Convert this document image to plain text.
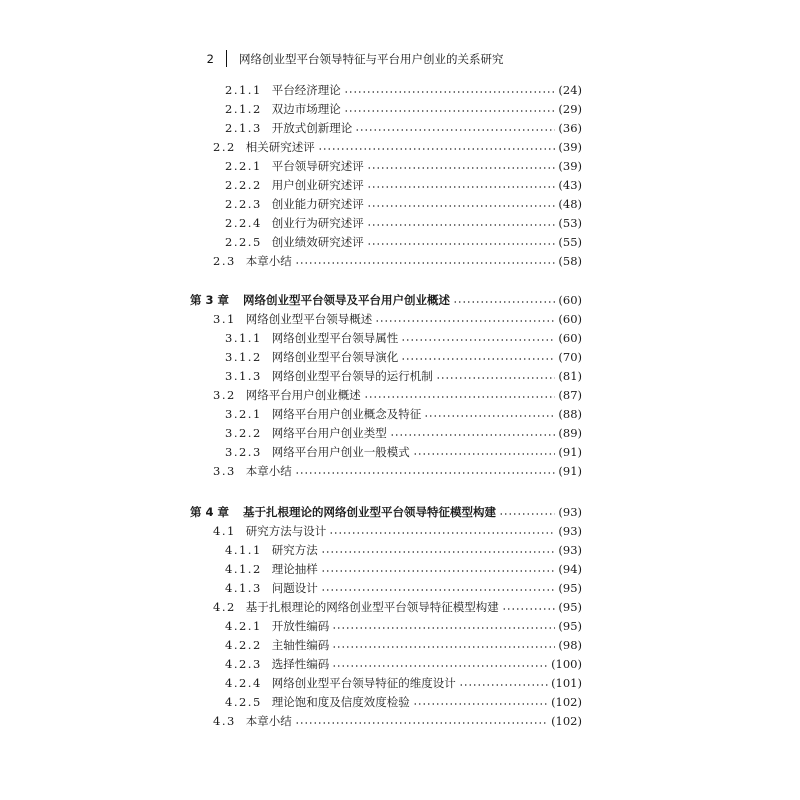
2 网络创业型平台领导特征与平台用户创业的关系研究
2.1.1 平台经济理论	(24)
2.1.2 双边市场理论	(29)
2.1.3 开放式创新理论	(36)
2.2 相关研究述评	(39)
2.2.1 平台领导研究述评	(39)
2.2.2 用户创业研究述评	(43)
2.2.3 创业能力研究述评	(48)
2.2.4 创业行为研究述评	(53)
2.2.5 创业绩效研究述评	(55)
2.3 本章小结	(58)
第 3 章 网络创业型平台领导及平台用户创业概述	(60)
3.1 网络创业型平台领导概述	(60)
3.1.1 网络创业型平台领导属性	(60)
3.1.2 网络创业型平台领导演化	(70)
3.1.3 网络创业型平台领导的运行机制	(81)
3.2 网络平台用户创业概述	(87)
3.2.1 网络平台用户创业概念及特征	(88)
3.2.2 网络平台用户创业类型	(89)
3.2.3 网络平台用户创业一般模式	(91)
3.3 本章小结	(91)
第 4 章 基于扎根理论的网络创业型平台领导特征模型构建	(93)
4.1 研究方法与设计	(93)
4.1.1 研究方法	(93)
4.1.2 理论抽样	(94)
4.1.3 问题设计	(95)
4.2 基于扎根理论的网络创业型平台领导特征模型构建	(95)
4.2.1 开放性编码	(95)
4.2.2 主轴性编码	(98)
4.2.3 选择性编码	(100)
4.2.4 网络创业型平台领导特征的维度设计	(101)
4.2.5 理论饱和度及信度效度检验	(102)
4.3 本章小结	(102)
